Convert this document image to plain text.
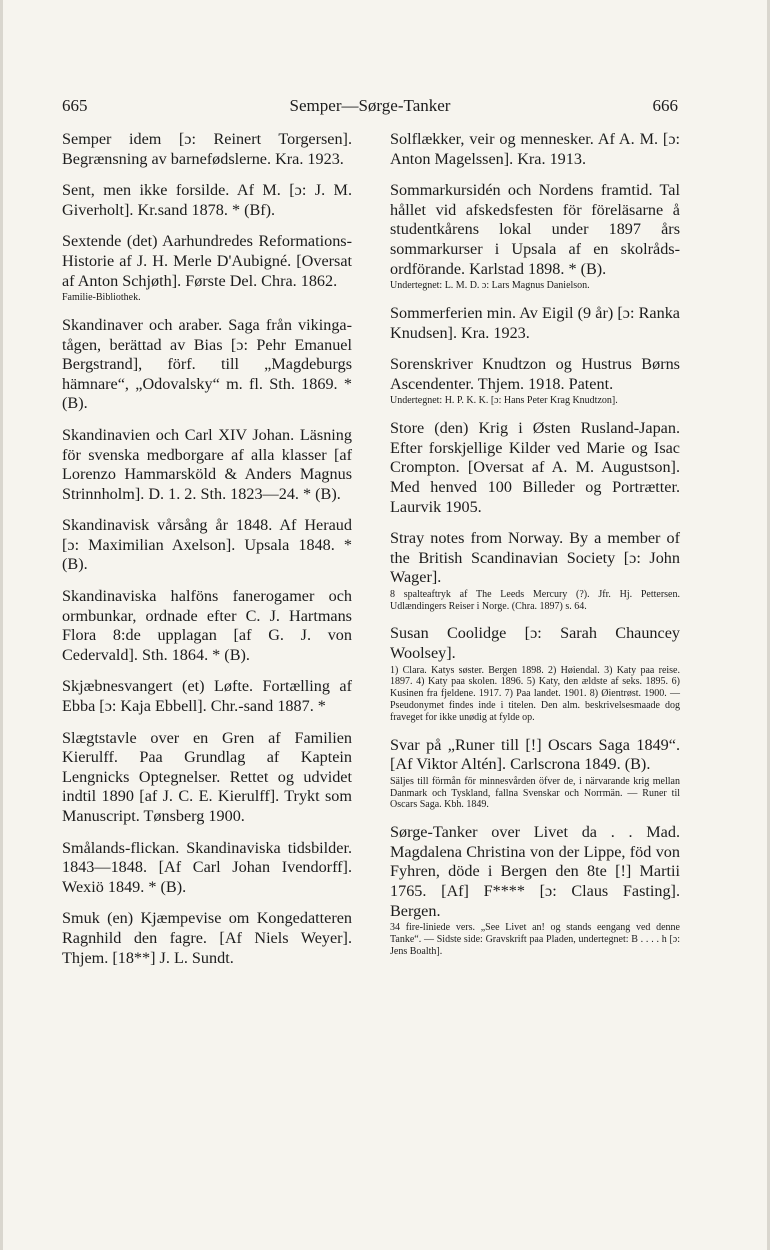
665	Semper—Sørge-Tanker	666

Semper idem [ɔ: Reinert Torgersen]. Begrænsning av barnefødslerne. Kra. 1923.

Sent, men ikke forsilde. Af M. [ɔ: J. M. Giverholt]. Kr.sand 1878. * (Bf).

Sextende (det) Aarhundredes Reformations-Historie af J. H. Merle D'Aubigné. [Oversat af Anton Schjøth]. Første Del. Chra. 1862.
Familie-Bibliothek.

Skandinaver och araber. Saga från vikinga-tågen, berättad av Bias [ɔ: Pehr Emanuel Bergstrand], förf. till „Magdeburgs hämnare“, „Odovalsky“ m. fl. Sth. 1869. * (B).

Skandinavien och Carl XIV Johan. Läsning för svenska medborgare af alla klasser [af Lorenzo Hammarsköld & Anders Magnus Strinnholm]. D. 1. 2. Sth. 1823—24. * (B).

Skandinavisk vårsång år 1848. Af Heraud [ɔ: Maximilian Axelson]. Upsala 1848. * (B).

Skandinaviska halföns fanerogamer och ormbunkar, ordnade efter C. J. Hartmans Flora 8:de upplagan [af G. J. von Cedervald]. Sth. 1864. * (B).

Skjæbnesvangert (et) Løfte. Fortælling af Ebba [ɔ: Kaja Ebbell]. Chr.-sand 1887. *

Slægtstavle over en Gren af Familien Kierulff. Paa Grundlag af Kaptein Lengnicks Optegnelser. Rettet og udvidet indtil 1890 [af J. C. E. Kierulff]. Trykt som Manuscript. Tønsberg 1900.

Smålands-flickan. Skandinaviska tidsbilder. 1843—1848. [Af Carl Johan Ivendorff]. Wexiö 1849. * (B).

Smuk (en) Kjæmpevise om Kongedatteren Ragnhild den fagre. [Af Niels Weyer]. Thjem. [18**] J. L. Sundt.

Solflækker, veir og mennesker. Af A. M. [ɔ: Anton Magelssen]. Kra. 1913.

Sommarkursidén och Nordens framtid. Tal hållet vid afskedsfesten för föreläsarne å studentkårens lokal under 1897 års sommarkurser i Upsala af en skolråds-ordförande. Karlstad 1898. * (B).
Undertegnet: L. M. D. ɔ: Lars Magnus Danielson.

Sommerferien min. Av Eigil (9 år) [ɔ: Ranka Knudsen]. Kra. 1923.

Sorenskriver Knudtzon og Hustrus Børns Ascendenter. Thjem. 1918. Patent.
Undertegnet: H. P. K. K. [ɔ: Hans Peter Krag Knudtzon].

Store (den) Krig i Østen Rusland-Japan. Efter forskjellige Kilder ved Marie og Isac Crompton. [Oversat af A. M. Augustson]. Med henved 100 Billeder og Portrætter. Laurvik 1905.

Stray notes from Norway. By a member of the British Scandinavian Society [ɔ: John Wager].
8 spalteaftryk af The Leeds Mercury (?). Jfr. Hj. Pettersen. Udlændingers Reiser i Norge. (Chra. 1897) s. 64.

Susan Coolidge [ɔ: Sarah Chauncey Woolsey].
1) Clara. Katys søster. Bergen 1898. 2) Høiendal. 3) Katy paa reise. 1897. 4) Katy paa skolen. 1896. 5) Katy, den ældste af seks. 1895. 6) Kusinen fra fjeldene. 1917. 7) Paa landet. 1901. 8) Øientrøst. 1900. — Pseudonymet findes inde i titelen. Den alm. beskrivelsesmaade dog fraveget for ikke unødig at fylde op.

Svar på „Runer till [!] Oscars Saga 1849“. [Af Viktor Altén]. Carlscrona 1849. (B).
Säljes till förmån för minnesvården öfver de, i närvarande krig mellan Danmark och Tyskland, fallna Svenskar och Norrmän. — Runer til Oscars Saga. Kbh. 1849.

Sørge-Tanker over Livet da . . Mad. Magdalena Christina von der Lippe, föd von Fyhren, döde i Bergen den 8te [!] Martii 1765. [Af] F**** [ɔ: Claus Fasting]. Bergen.
34 fire-liniede vers. „See Livet an! og stands eengang ved denne Tanke“. — Sidste side: Gravskrift paa Pladen, undertegnet: B . . . . h [ɔ: Jens Boalth].
